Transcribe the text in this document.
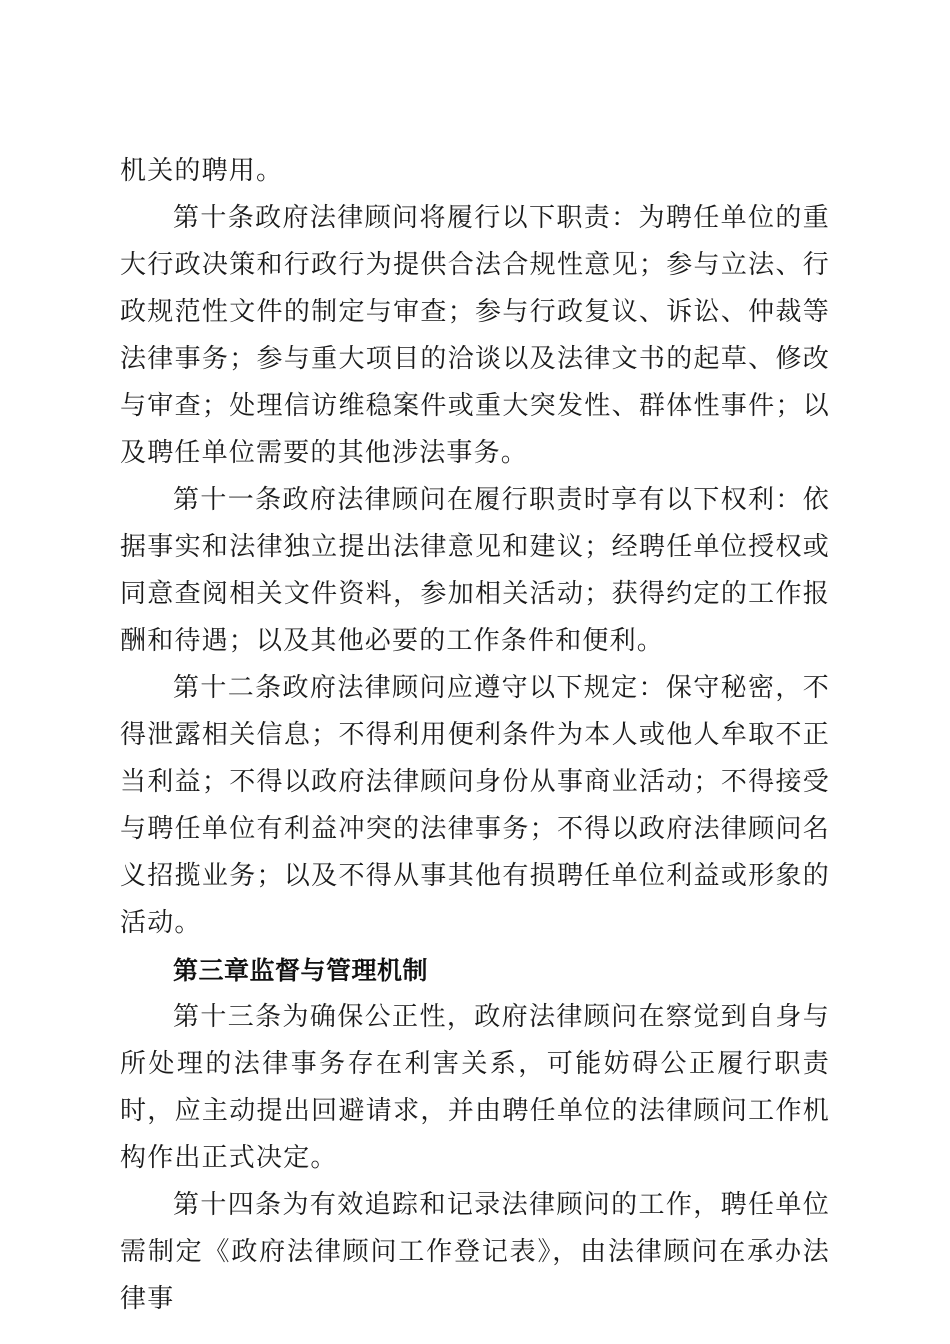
机关的聘用。

第十条政府法律顾问将履行以下职责：为聘任单位的重大行政决策和行政行为提供合法合规性意见；参与立法、行政规范性文件的制定与审查；参与行政复议、诉讼、仲裁等法律事务；参与重大项目的洽谈以及法律文书的起草、修改与审查；处理信访维稳案件或重大突发性、群体性事件；以及聘任单位需要的其他涉法事务。

第十一条政府法律顾问在履行职责时享有以下权利：依据事实和法律独立提出法律意见和建议；经聘任单位授权或同意查阅相关文件资料，参加相关活动；获得约定的工作报酬和待遇；以及其他必要的工作条件和便利。

第十二条政府法律顾问应遵守以下规定：保守秘密，不得泄露相关信息；不得利用便利条件为本人或他人牟取不正当利益；不得以政府法律顾问身份从事商业活动；不得接受与聘任单位有利益冲突的法律事务；不得以政府法律顾问名义招揽业务；以及不得从事其他有损聘任单位利益或形象的活动。

第三章监督与管理机制

第十三条为确保公正性，政府法律顾问在察觉到自身与所处理的法律事务存在利害关系，可能妨碍公正履行职责时，应主动提出回避请求，并由聘任单位的法律顾问工作机构作出正式决定。

第十四条为有效追踪和记录法律顾问的工作，聘任单位需制定《政府法律顾问工作登记表》，由法律顾问在承办法律事
